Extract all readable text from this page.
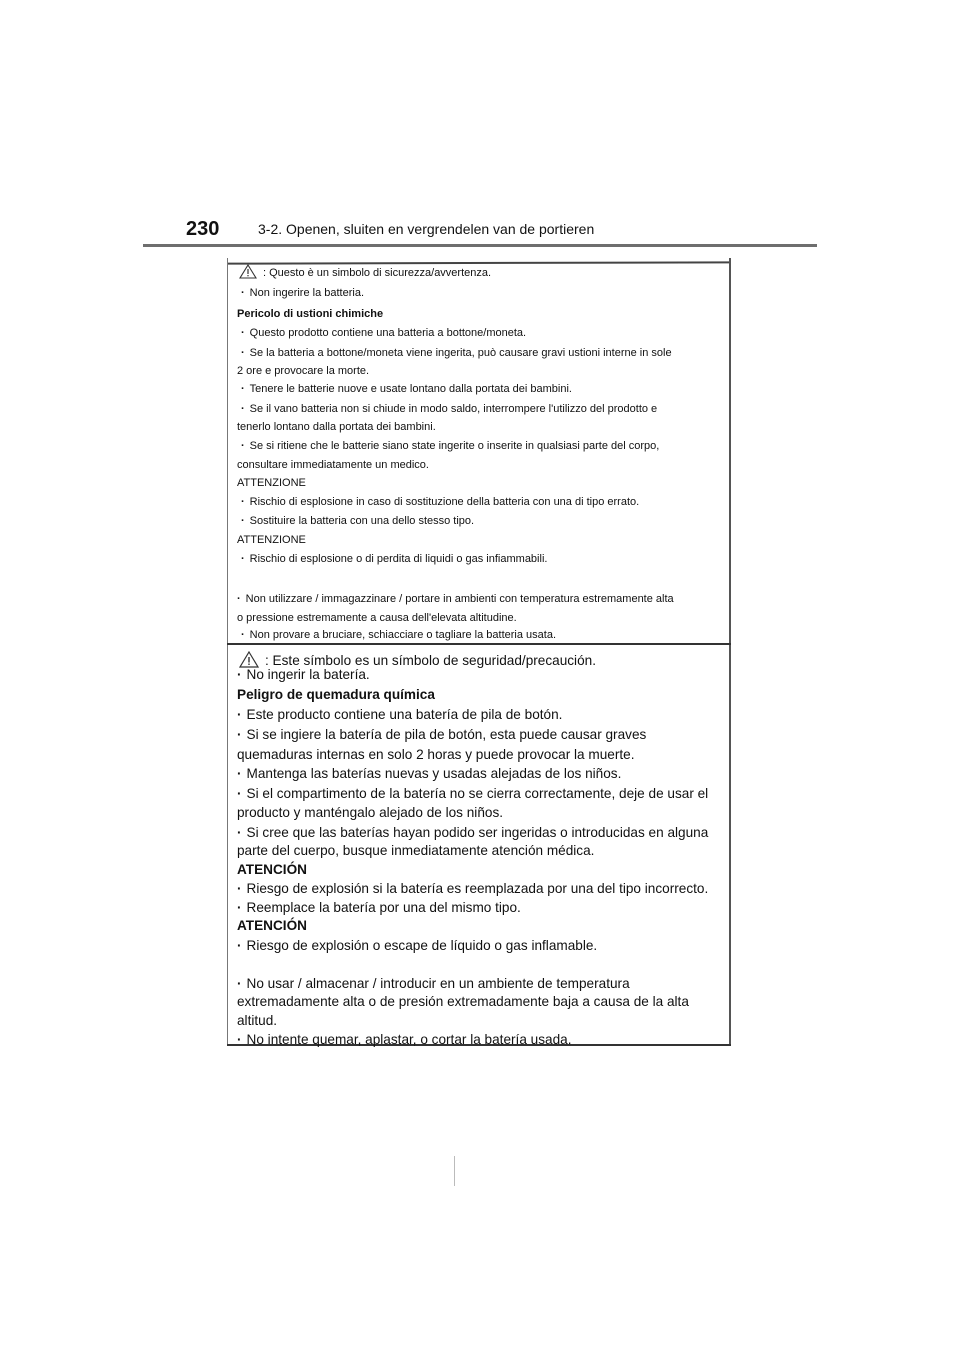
230	3-2. Openen, sluiten en vergrendelen van de portieren
: Questo è un simbolo di sicurezza/avvertenza.
· Non ingerire la batteria.
Pericolo di ustioni chimiche
· Questo prodotto contiene una batteria a bottone/moneta.
· Se la batteria a bottone/moneta viene ingerita, può causare gravi ustioni interne in sole
2 ore e provocare la morte.
· Tenere le batterie nuove e usate lontano dalla portata dei bambini.
· Se il vano batteria non si chiude in modo saldo, interrompere l'utilizzo del prodotto e
tenerlo lontano dalla portata dei bambini.
· Se si ritiene che le batterie siano state ingerite o inserite in qualsiasi parte del corpo,
consultare immediatamente un medico.
ATTENZIONE
· Rischio di esplosione in caso di sostituzione della batteria con una di tipo errato.
· Sostituire la batteria con una dello stesso tipo.
ATTENZIONE
· Rischio di esplosione o di perdita di liquidi o gas infiammabili.
· Non utilizzare / immagazzinare / portare in ambienti con temperatura estremamente alta
o pressione estremamente a causa dell'elevata altitudine.
· Non provare a bruciare, schiacciare o tagliare la batteria usata.
: Este símbolo es un símbolo de seguridad/precaución.
· No ingerir la batería.
Peligro de quemadura química
· Este producto contiene una batería de pila de botón.
· Si se ingiere la batería de pila de botón, esta puede causar graves
quemaduras internas en solo 2 horas y puede provocar la muerte.
· Mantenga las baterías nuevas y usadas alejadas de los niños.
· Si el compartimento de la batería no se cierra correctamente, deje de usar el
producto y manténgalo alejado de los niños.
· Si cree que las baterías hayan podido ser ingeridas o introducidas en alguna
parte del cuerpo, busque inmediatamente atención médica.
ATENCIÓN
· Riesgo de explosión si la batería es reemplazada por una del tipo incorrecto.
· Reemplace la batería por una del mismo tipo.
ATENCIÓN
· Riesgo de explosión o escape de líquido o gas inflamable.
· No usar / almacenar / introducir en un ambiente de temperatura
extremadamente alta o de presión extremadamente baja a causa de la alta
altitud.
· No intente quemar, aplastar, o cortar la batería usada.
